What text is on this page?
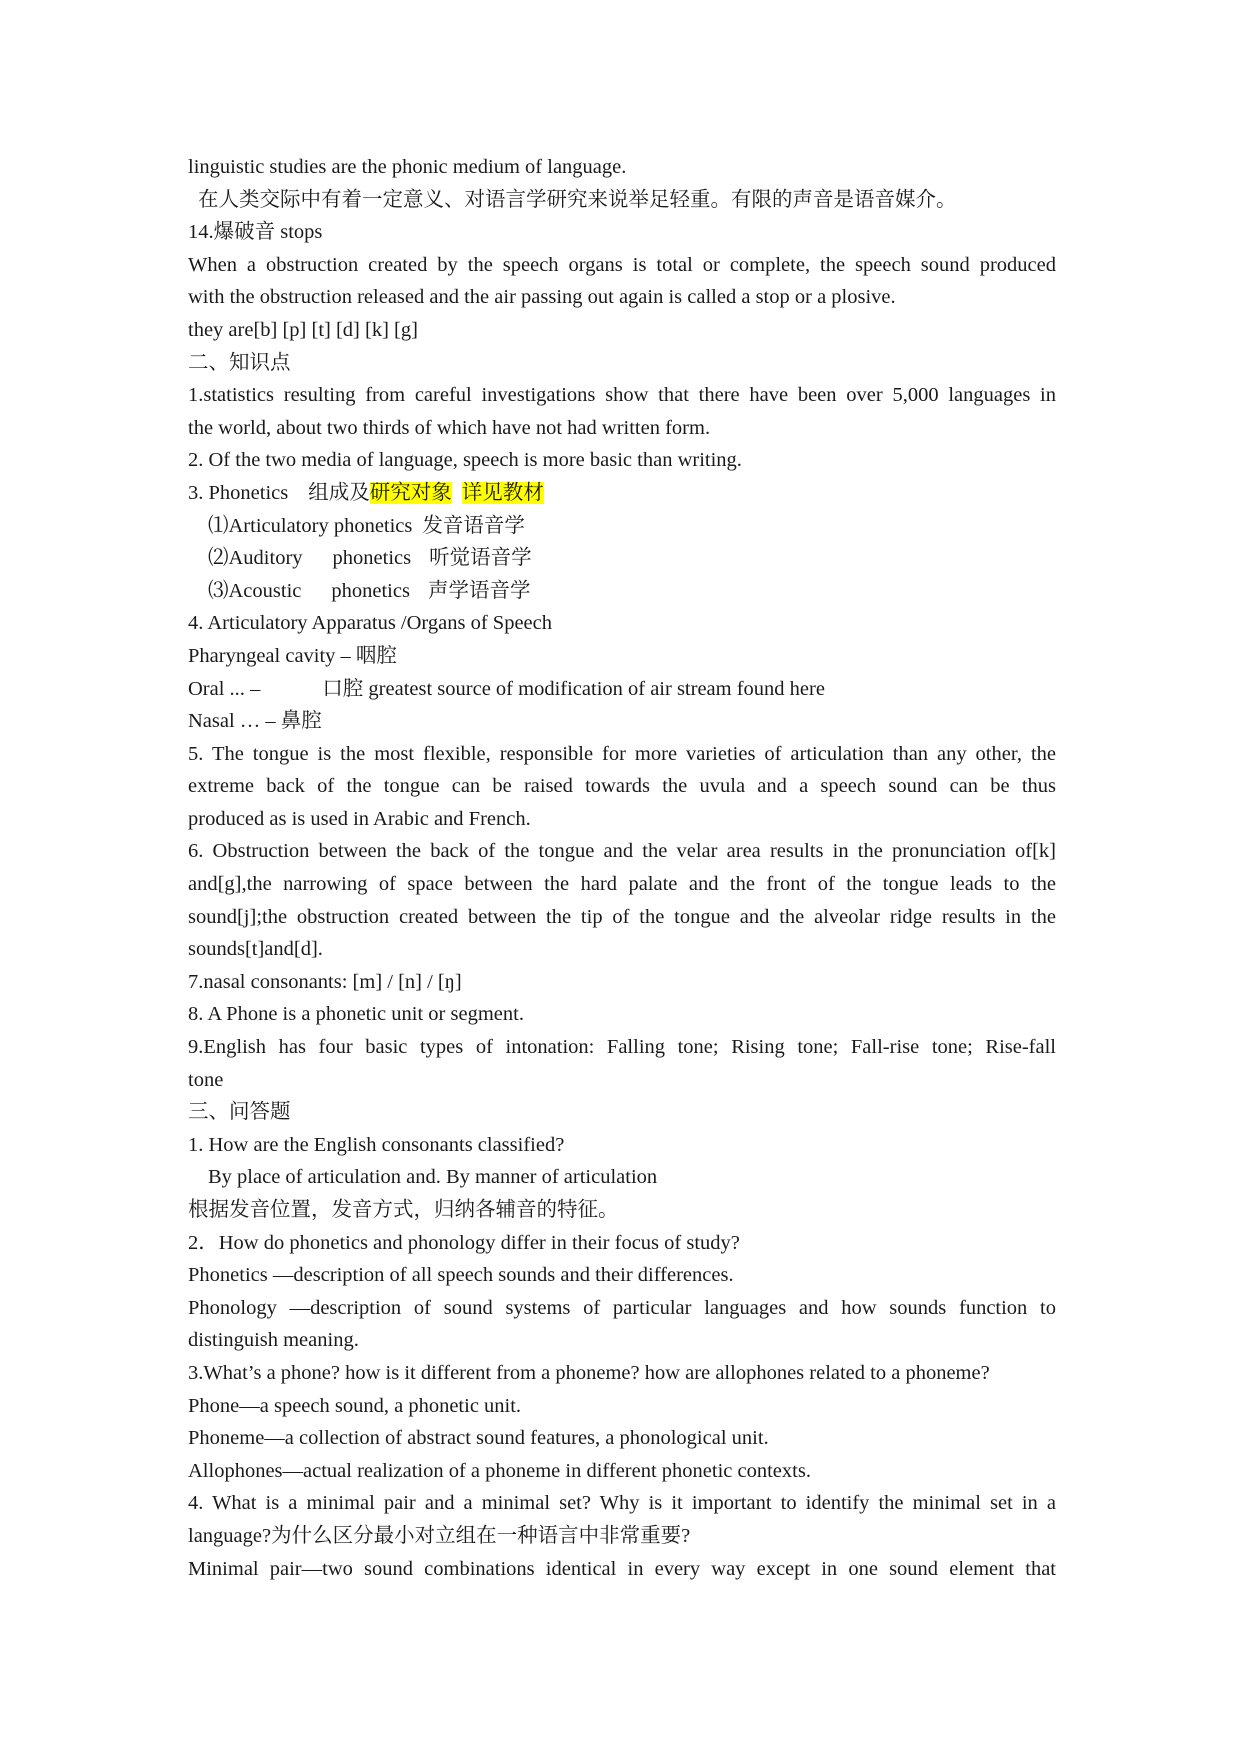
linguistic studies are the phonic medium of language.
在人类交际中有着一定意义、对语言学研究来说举足轻重。有限的声音是语音媒介。
14.爆破音 stops
When a obstruction created by the speech organs is total or complete, the speech sound produced
with the obstruction released and the air passing out again is called a stop or a plosive.
they are[b] [p] [t] [d] [k] [g]
二、知识点
1.statistics resulting from careful investigations show that there have been over 5,000 languages in
the world, about two thirds of which have not had written form.
2. Of the two media of language, speech is more basic than writing.
3. Phonetics 组成及研究对象 详见教材
⑴Articulatory phonetics 发音语音学
⑵Auditory phonetics 听觉语音学
⑶Acoustic phonetics 声学语音学
4. Articulatory Apparatus /Organs of Speech
Pharyngeal cavity – 咽腔
Oral ... –	口腔 greatest source of modification of air stream found here
Nasal … – 鼻腔
5. The tongue is the most flexible, responsible for more varieties of articulation than any other, the
extreme back of the tongue can be raised towards the uvula and a speech sound can be thus
produced as is used in Arabic and French.
6. Obstruction between the back of the tongue and the velar area results in the pronunciation of[k]
and[g],the narrowing of space between the hard palate and the front of the tongue leads to the
sound[j];the obstruction created between the tip of the tongue and the alveolar ridge results in the
sounds[t]and[d].
7.nasal consonants: [m] / [n] / [ŋ]
8. A Phone is a phonetic unit or segment.
9.English has four basic types of intonation: Falling tone; Rising tone; Fall-rise tone; Rise-fall
tone
三、问答题
1. How are the English consonants classified?
By place of articulation and. By manner of articulation
根据发音位置，发音方式，归纳各辅音的特征。
2．How do phonetics and phonology differ in their focus of study?
Phonetics —description of all speech sounds and their differences.
Phonology —description of sound systems of particular languages and how sounds function to
distinguish meaning.
3.What’s a phone? how is it different from a phoneme? how are allophones related to a phoneme?
Phone—a speech sound, a phonetic unit.
Phoneme—a collection of abstract sound features, a phonological unit.
Allophones—actual realization of a phoneme in different phonetic contexts.
4. What is a minimal pair and a minimal set? Why is it important to identify the minimal set in a
language?为什么区分最小对立组在一种语言中非常重要?
Minimal pair—two sound combinations identical in every way except in one sound element that
